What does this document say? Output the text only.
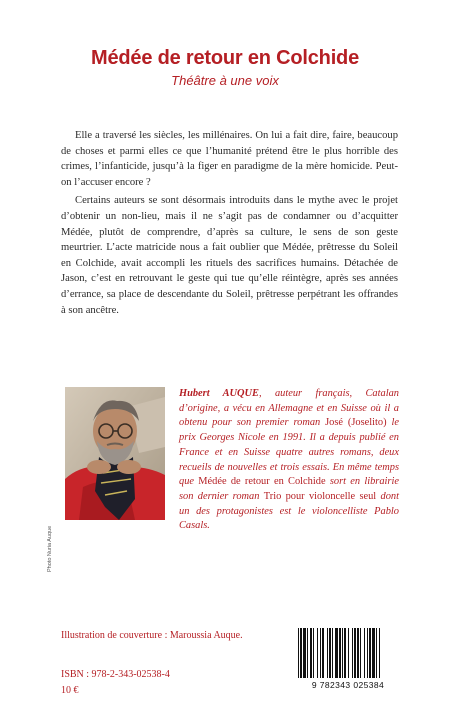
Médée de retour en Colchide
Théâtre à une voix

Elle a traversé les siècles, les millénaires. On lui a fait dire, faire, beaucoup de choses et parmi elles ce que l’humanité prétend être le plus horrible des crimes, l’infanticide, jusqu’à la figer en paradigme de la mère homicide. Peut-on l’accuser encore ?

Certains auteurs se sont désormais introduits dans le mythe avec le projet d’obtenir un non-lieu, mais il ne s’agit pas de condamner ou d’acquitter Médée, plutôt de comprendre, d’après sa culture, le sens de son geste meurtrier. L’acte matricide nous a fait oublier que Médée, prêtresse du Soleil en Colchide, avait accompli les rituels des sacrifices humains. Détachée de Jason, c’est en retrouvant le geste qui tue qu’elle réintègre, après ses années d’errance, sa place de descendante du Soleil, prêtresse perpétrant les offrandes à son ancêtre.

Photo Nuria Auque
Hubert AUQUE, auteur français, Catalan d’origine, a vécu en Allemagne et en Suisse où il a obtenu pour son premier roman José (Joselito) le prix Georges Nicole en 1991. Il a depuis publié en France et en Suisse quatre autres romans, deux recueils de nouvelles et trois essais. En même temps que Médée de retour en Colchide sort en librairie son dernier roman Trio pour violoncelle seul dont un des protagonistes est le violoncelliste Pablo Casals.
Illustration de couverture : Maroussia Auque.
ISBN : 978-2-343-02538-4
10 €	9 782343 025384
